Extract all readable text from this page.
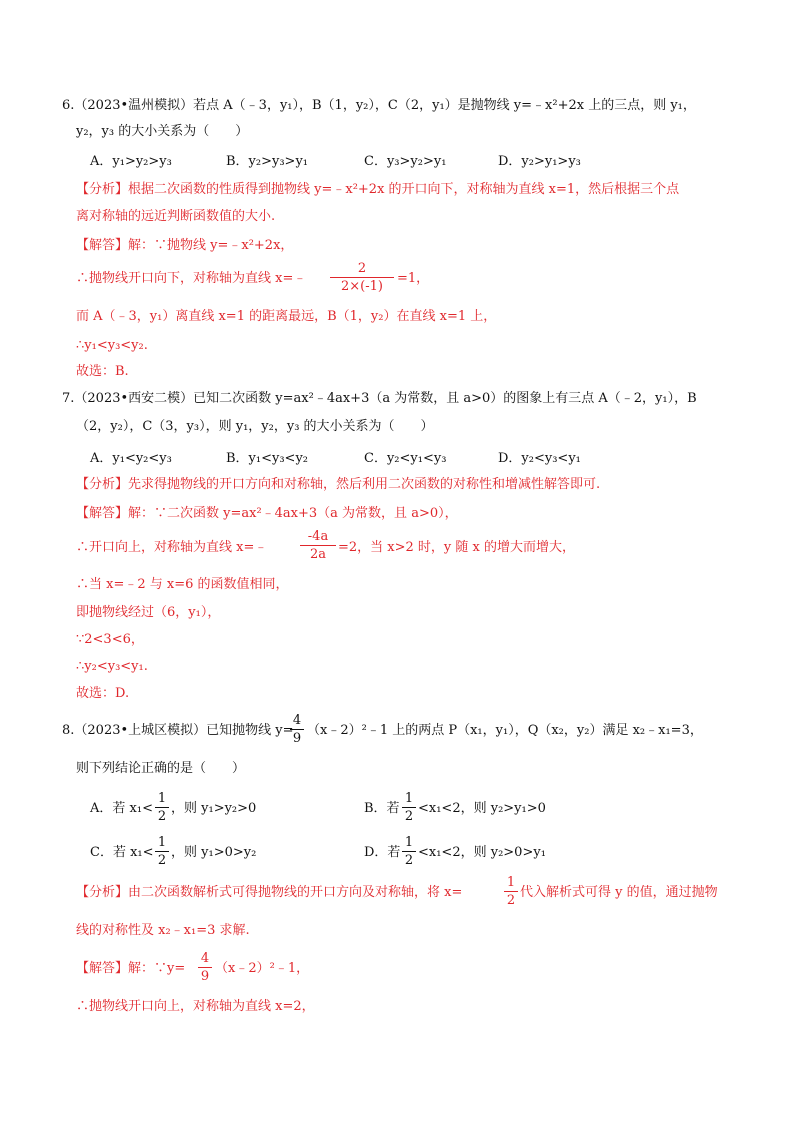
6.（2023•温州模拟）若点 A（﹣3，y₁），B（1，y₂），C（2，y₁）是抛物线 y=﹣x²+2x 上的三点，则 y₁，
y₂，y₃ 的大小关系为（　　）
A．y₁>y₂>y₃	B．y₂>y₃>y₁	C．y₃>y₂>y₁	D．y₂>y₁>y₃
【分析】根据二次函数的性质得到抛物线 y=﹣x²+2x 的开口向下，对称轴为直线 x=1，然后根据三个点
离对称轴的远近判断函数值的大小.
【解答】解：∵抛物线 y=﹣x²+2x，
∴抛物线开口向下，对称轴为直线 x=﹣
2
2×(-1)
=1，
而 A（﹣3，y₁）离直线 x=1 的距离最远，B（1，y₂）在直线 x=1 上，
∴y₁<y₃<y₂.
故选：B.
7.（2023•西安二模）已知二次函数 y=ax²﹣4ax+3（a 为常数，且 a>0）的图象上有三点 A（﹣2，y₁），B
（2，y₂），C（3，y₃），则 y₁，y₂，y₃ 的大小关系为（　　）
A．y₁<y₂<y₃	B．y₁<y₃<y₂	C．y₂<y₁<y₃	D．y₂<y₃<y₁
【分析】先求得抛物线的开口方向和对称轴，然后利用二次函数的对称性和增减性解答即可.
【解答】解：∵二次函数 y=ax²﹣4ax+3（a 为常数，且 a>0），
∴开口向上，对称轴为直线 x=﹣
-4a
2a =2，当 x>2 时，y 随 x 的增大而增大，
∴当 x=﹣2 与 x=6 的函数值相同，
即抛物线经过（6，y₁），
∵2<3<6，
∴y₂<y₃<y₁.
故选：D.
8.（2023•上城区模拟）已知抛物线 y=
4
9
（x﹣2）²﹣1 上的两点 P（x₁，y₁），Q（x₂，y₂）满足 x₂﹣x₁=3，
则下列结论正确的是（　　）
A．若 x₁<
1
2
，则 y₁>y₂>0	B．若
1
2
<x₁<2，则 y₂>y₁>0
C．若 x₁<
1
2
，则 y₁>0>y₂	D．若
1
2
<x₁<2，则 y₂>0>y₁
【分析】由二次函数解析式可得抛物线的开口方向及对称轴，将 x=
1
2
代入解析式可得 y 的值，通过抛物
线的对称性及 x₂﹣x₁=3 求解.
【解答】解：∵y=
4
9
（x﹣2）²﹣1，
∴抛物线开口向上，对称轴为直线 x=2，
